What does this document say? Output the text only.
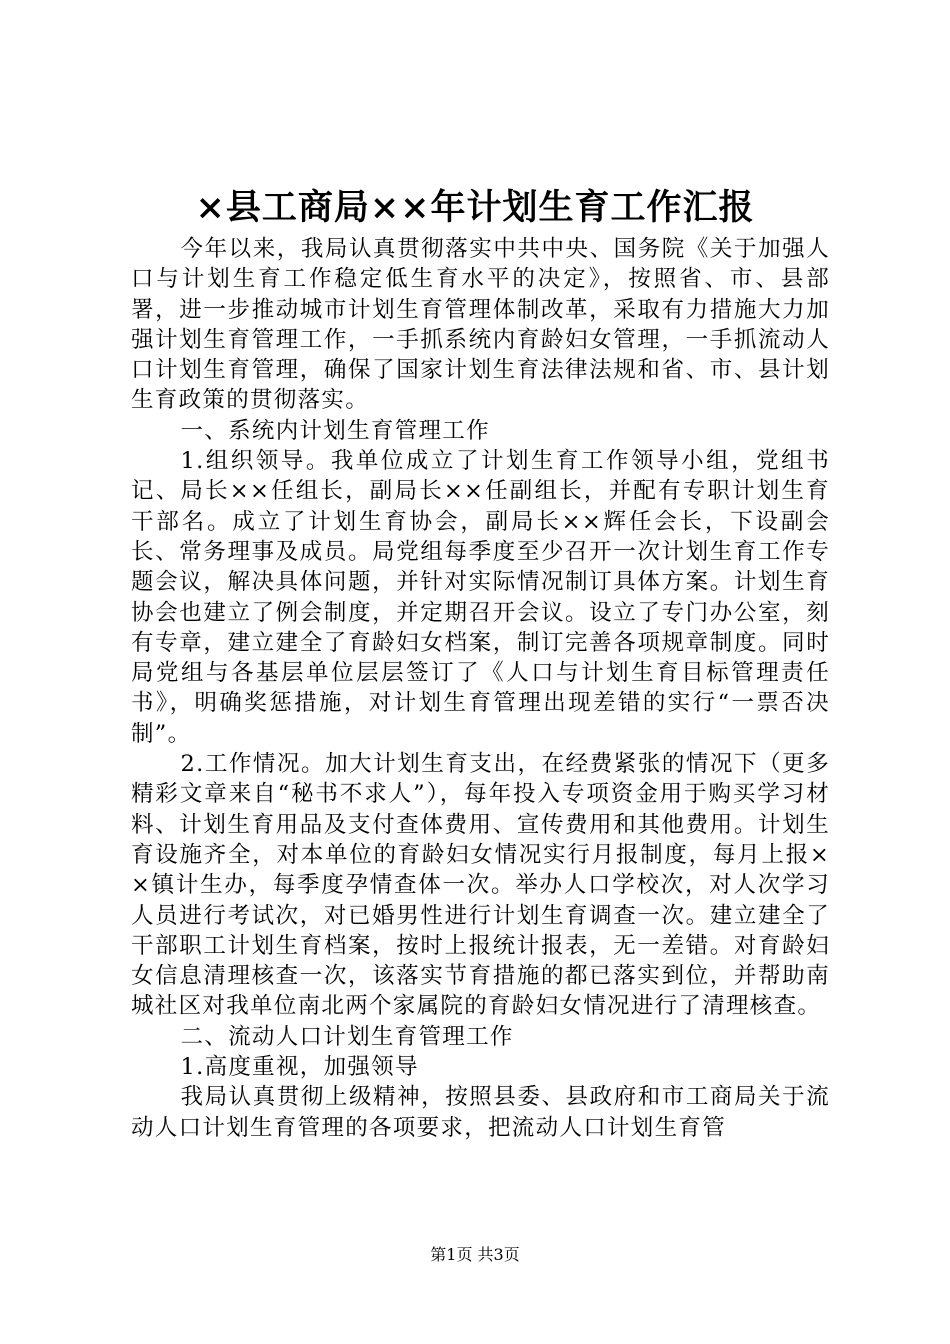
×县工商局××年计划生育工作汇报

今年以来，我局认真贯彻落实中共中央、国务院《关于加强人口与计划生育工作稳定低生育水平的决定》，按照省、市、县部署，进一步推动城市计划生育管理体制改革，采取有力措施大力加强计划生育管理工作，一手抓系统内育龄妇女管理，一手抓流动人口计划生育管理，确保了国家计划生育法律法规和省、市、县计划生育政策的贯彻落实。

一、系统内计划生育管理工作

1.组织领导。我单位成立了计划生育工作领导小组，党组书记、局长××任组长，副局长××任副组长，并配有专职计划生育干部名。成立了计划生育协会，副局长××辉任会长，下设副会长、常务理事及成员。局党组每季度至少召开一次计划生育工作专题会议，解决具体问题，并针对实际情况制订具体方案。计划生育协会也建立了例会制度，并定期召开会议。设立了专门办公室，刻有专章，建立建全了育龄妇女档案，制订完善各项规章制度。同时局党组与各基层单位层层签订了《人口与计划生育目标管理责任书》，明确奖惩措施，对计划生育管理出现差错的实行“一票否决制”。

2.工作情况。加大计划生育支出，在经费紧张的情况下（更多精彩文章来自“秘书不求人”），每年投入专项资金用于购买学习材料、计划生育用品及支付查体费用、宣传费用和其他费用。计划生育设施齐全，对本单位的育龄妇女情况实行月报制度，每月上报××镇计生办，每季度孕情查体一次。举办人口学校次，对人次学习人员进行考试次，对已婚男性进行计划生育调查一次。建立建全了干部职工计划生育档案，按时上报统计报表，无一差错。对育龄妇女信息清理核查一次，该落实节育措施的都已落实到位，并帮助南城社区对我单位南北两个家属院的育龄妇女情况进行了清理核查。

二、流动人口计划生育管理工作

1.高度重视，加强领导

我局认真贯彻上级精神，按照县委、县政府和市工商局关于流动人口计划生育管理的各项要求，把流动人口计划生育管

第1页 共3页
